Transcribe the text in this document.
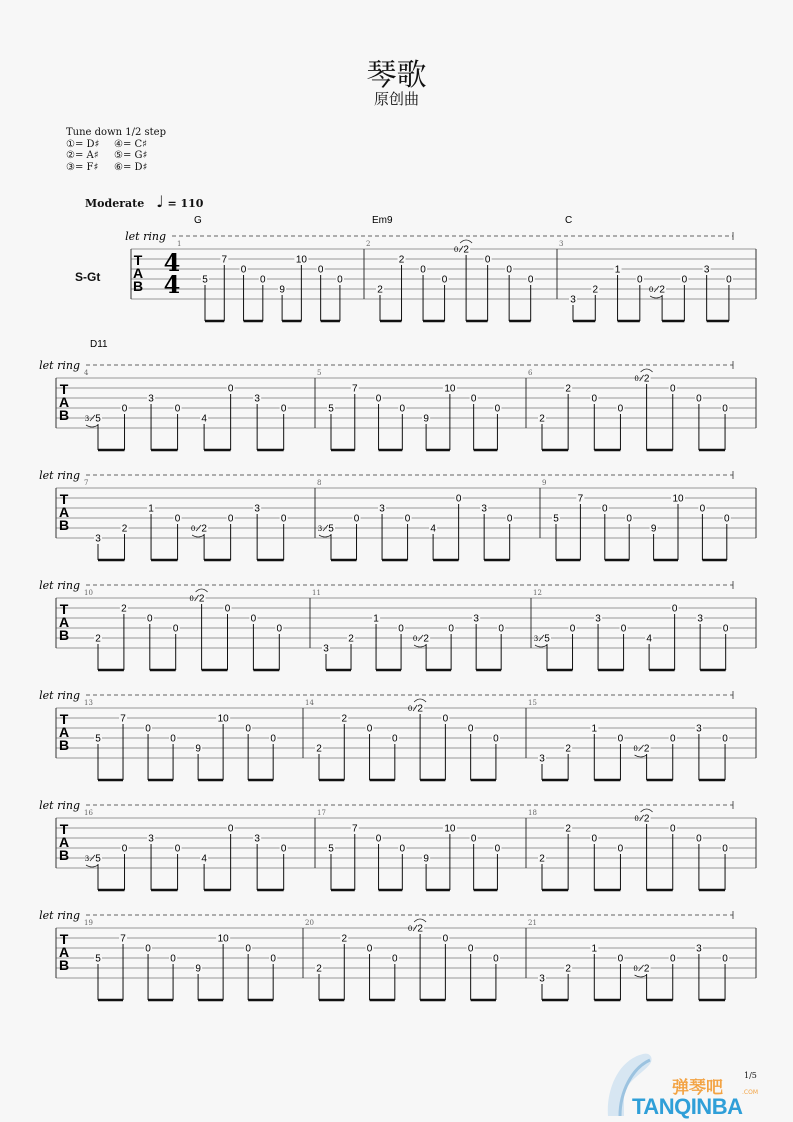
琴歌
原创曲
Tune down 1/2 step
①= D♯ ④= C♯
②= A♯ ⑤= G♯
③= F♯ ⑥= D♯
Moderate ♩ = 110
S-Gt
T
A
B
4
4
let ring
1
G
5
7
0
0
9
10
0
0
2
Em9
2
2
0
0
2
0
0
0
0
3
C
3
2
1
0
2
0
0
3
0
T
A
B
let ring
4
D11
5
3
0
3
0
4
0
3
0
5
5
7
0
0
9
10
0
0
6
2
2
0
0
2
0
0
0
0
T
A
B
let ring
7
3
2
1
0
2
0
0
3
0
8
5
3
0
3
0
4
0
3
0
9
5
7
0
0
9
10
0
0
T
A
B
let ring
10
2
2
0
0
2
0
0
0
0
11
3
2
1
0
2
0
0
3
0
12
5
3
0
3
0
4
0
3
0
T
A
B
let ring
13
5
7
0
0
9
10
0
0
14
2
2
0
0
2
0
0
0
0
15
3
2
1
0
2
0
0
3
0
T
A
B
let ring
16
5
3
0
3
0
4
0
3
0
17
5
7
0
0
9
10
0
0
18
2
2
0
0
2
0
0
0
0
T
A
B
let ring
19
5
7
0
0
9
10
0
0
20
2
2
0
0
2
0
0
0
0
21
3
2
1
0
2
0
0
3
0
1/5
弹琴吧	.COM
TANQINBA
